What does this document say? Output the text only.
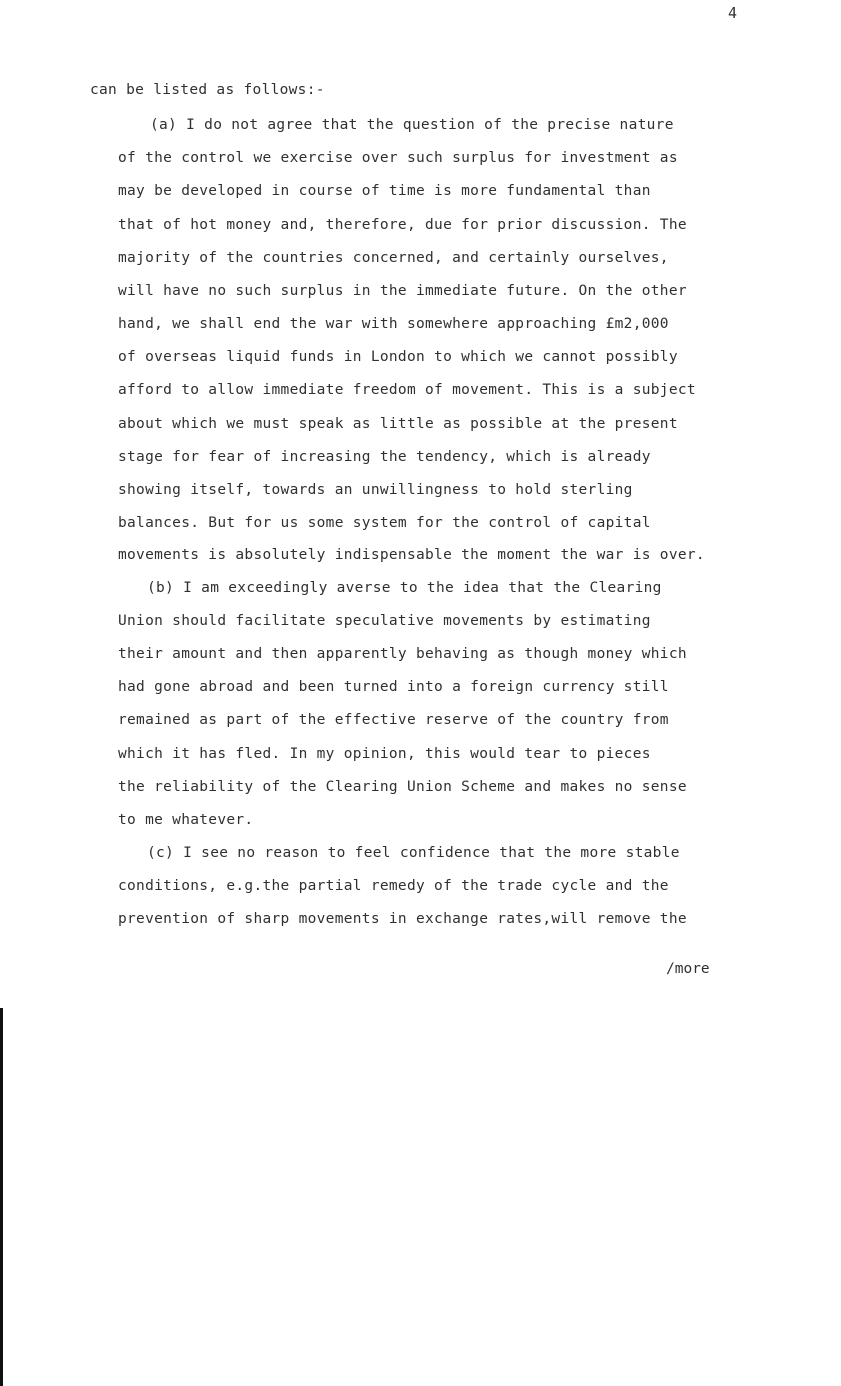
4
can be listed as follows:-
(a) I do not agree that the question of the precise nature
of the control we exercise over such surplus for investment as
may be developed in course of time is more fundamental than
that of hot money and, therefore, due for prior discussion. The
majority of the countries concerned, and certainly ourselves,
will have no such surplus in the immediate future. On the other
hand, we shall end the war with somewhere approaching £m2,000
of overseas liquid funds in London to which we cannot possibly
afford to allow immediate freedom of movement. This is a subject
about which we must speak as little as possible at the present
stage for fear of increasing the tendency, which is already
showing itself, towards an unwillingness to hold sterling
balances. But for us some system for the control of capital
movements is absolutely indispensable the moment the war is over.
(b) I am exceedingly averse to the idea that the Clearing
Union should facilitate speculative movements by estimating
their amount and then apparently behaving as though money which
had gone abroad and been turned into a foreign currency still
remained as part of the effective reserve of the country from
which it has fled. In my opinion, this would tear to pieces
the reliability of the Clearing Union Scheme and makes no sense
to me whatever.
(c) I see no reason to feel confidence that the more stable
conditions, e.g.the partial remedy of the trade cycle and the
prevention of sharp movements in exchange rates,will remove the
/more
